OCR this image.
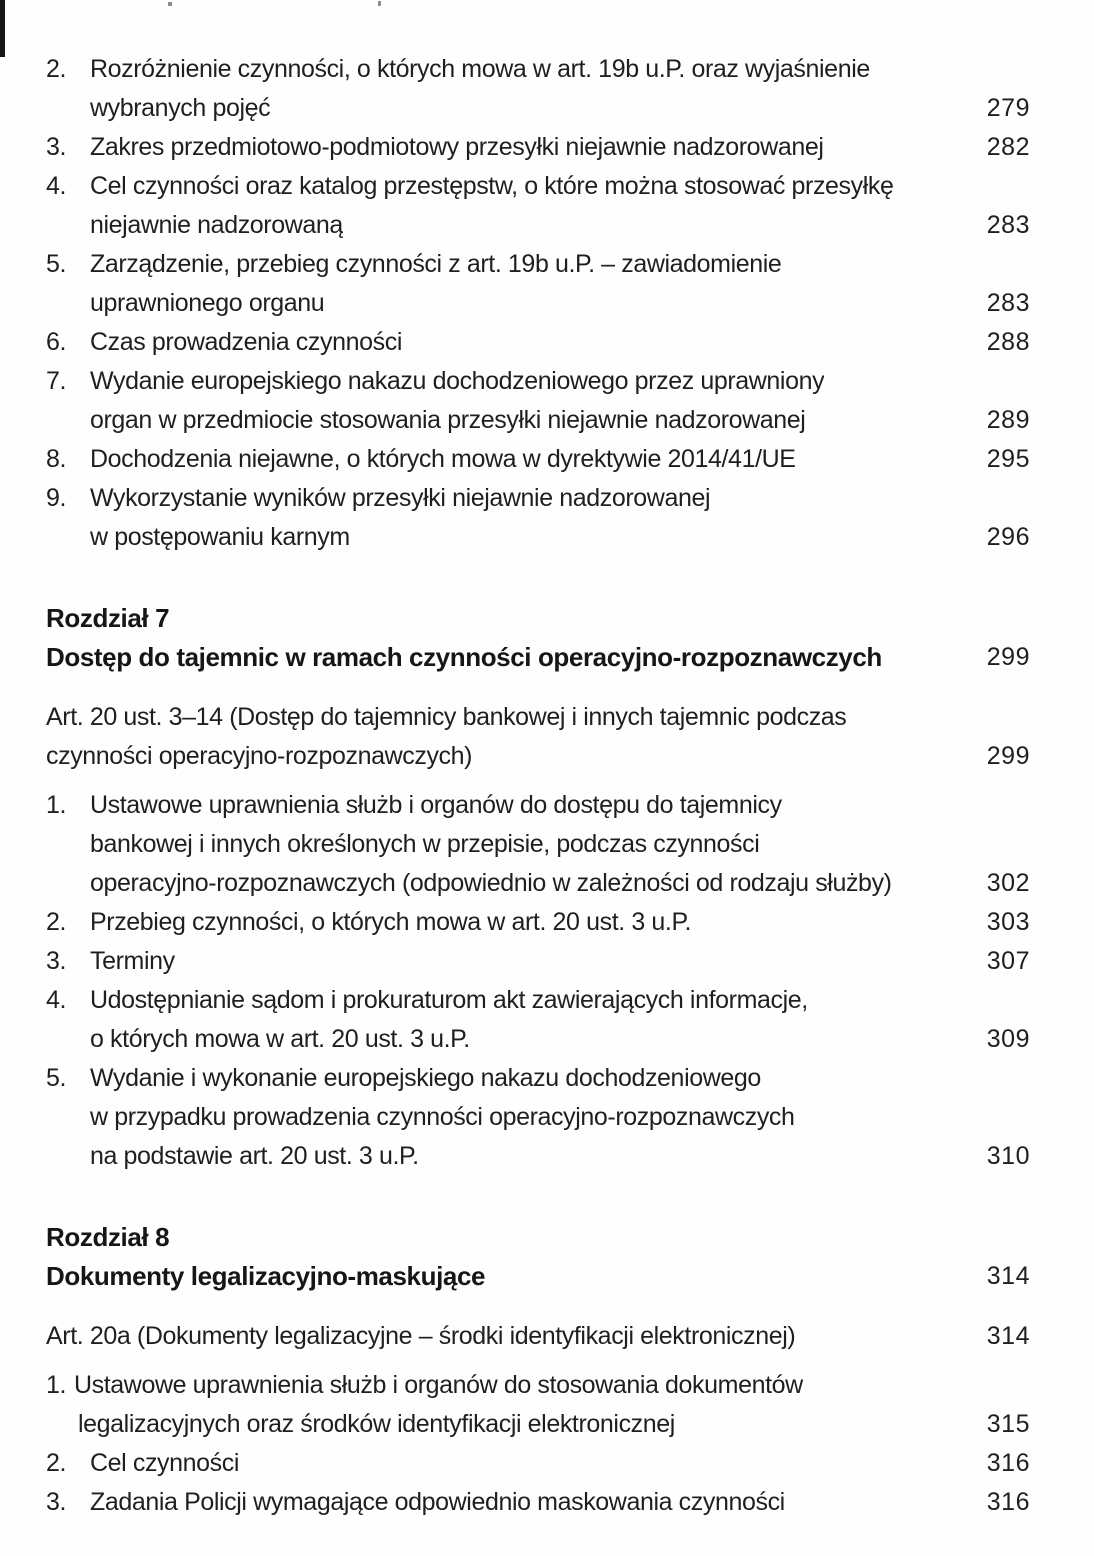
2. Rozróżnienie czynności, o których mowa w art. 19b u.P. oraz wyjaśnienie
wybranych pojęć	279
3. Zakres przedmiotowo-podmiotowy przesyłki niejawnie nadzorowanej	282
4. Cel czynności oraz katalog przestępstw, o które można stosować przesyłkę
niejawnie nadzorowaną	283
5. Zarządzenie, przebieg czynności z art. 19b u.P. – zawiadomienie
uprawnionego organu	283
6. Czas prowadzenia czynności	288
7. Wydanie europejskiego nakazu dochodzeniowego przez uprawniony
organ w przedmiocie stosowania przesyłki niejawnie nadzorowanej	289
8. Dochodzenia niejawne, o których mowa w dyrektywie 2014/41/UE	295
9. Wykorzystanie wyników przesyłki niejawnie nadzorowanej
w postępowaniu karnym	296
Rozdział 7
Dostęp do tajemnic w ramach czynności operacyjno-rozpoznawczych	299
Art. 20 ust. 3–14 (Dostęp do tajemnicy bankowej i innych tajemnic podczas
czynności operacyjno-rozpoznawczych)	299
1. Ustawowe uprawnienia służb i organów do dostępu do tajemnicy
bankowej i innych określonych w przepisie, podczas czynności
operacyjno-rozpoznawczych (odpowiednio w zależności od rodzaju służby)	302
2. Przebieg czynności, o których mowa w art. 20 ust. 3 u.P.	303
3. Terminy	307
4. Udostępnianie sądom i prokuraturom akt zawierających informacje,
o których mowa w art. 20 ust. 3 u.P.	309
5. Wydanie i wykonanie europejskiego nakazu dochodzeniowego
w przypadku prowadzenia czynności operacyjno-rozpoznawczych
na podstawie art. 20 ust. 3 u.P.	310
Rozdział 8
Dokumenty legalizacyjno-maskujące	314
Art. 20a (Dokumenty legalizacyjne – środki identyfikacji elektronicznej)	314
1. Ustawowe uprawnienia służb i organów do stosowania dokumentów
legalizacyjnych oraz środków identyfikacji elektronicznej	315
2. Cel czynności	316
3. Zadania Policji wymagające odpowiednio maskowania czynności	316
